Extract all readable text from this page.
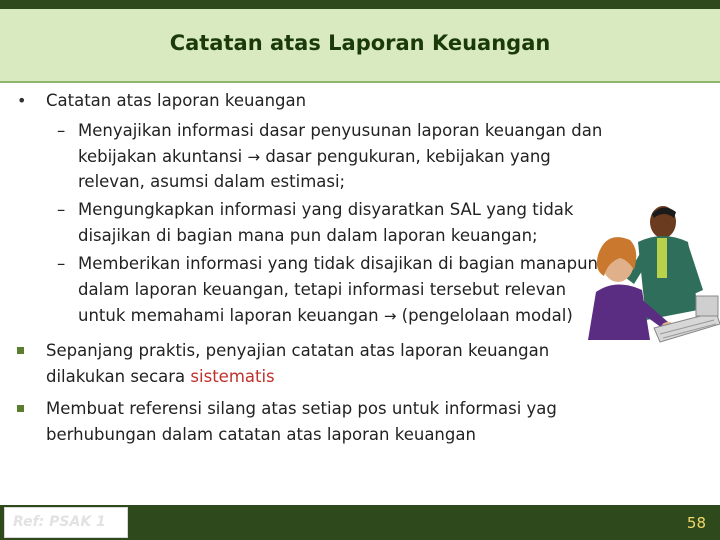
Catatan atas Laporan Keuangan
• Catatan atas laporan keuangan
– Menyajikan informasi dasar penyusunan laporan keuangan dan
kebijakan akuntansi → dasar pengukuran, kebijakan yang
relevan, asumsi dalam estimasi;
– Mengungkapkan informasi yang disyaratkan SAL yang tidak
disajikan di bagian mana pun dalam laporan keuangan;
– Memberikan informasi yang tidak disajikan di bagian manapun
dalam laporan keuangan, tetapi informasi tersebut relevan
untuk memahami laporan keuangan → (pengelolaan modal)
Sepanjang praktis, penyajian catatan atas laporan keuangan
dilakukan secara sistematis
Membuat referensi silang atas setiap pos untuk informasi yag
berhubungan dalam catatan atas laporan keuangan
Ref: PSAK 1	58
